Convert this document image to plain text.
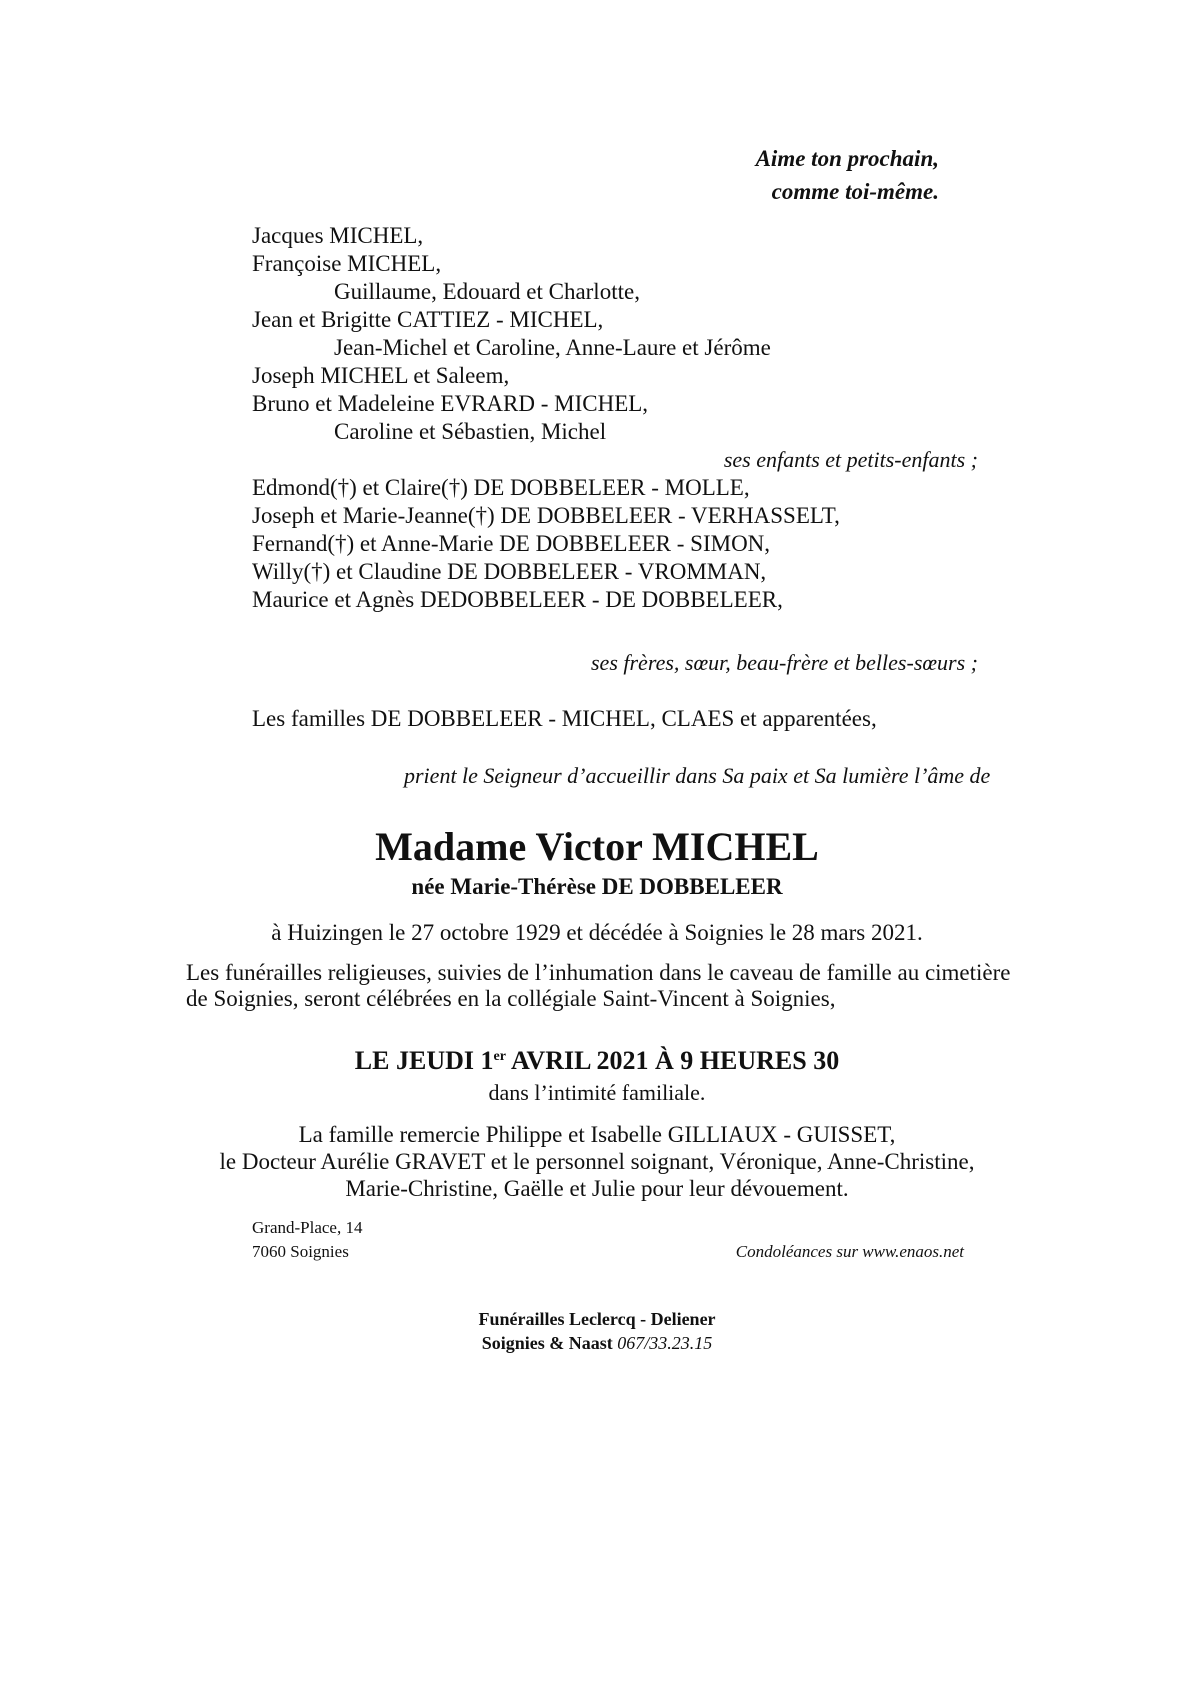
Aime ton prochain,
comme toi-même.
Jacques MICHEL,
Françoise MICHEL,
Guillaume, Edouard et Charlotte,
Jean et Brigitte CATTIEZ - MICHEL,
Jean-Michel et Caroline, Anne-Laure et Jérôme
Joseph MICHEL et Saleem,
Bruno et Madeleine EVRARD - MICHEL,
Caroline et Sébastien, Michel
ses enfants et petits-enfants ;
Edmond(†) et Claire(†) DE DOBBELEER - MOLLE,
Joseph et Marie-Jeanne(†) DE DOBBELEER - VERHASSELT,
Fernand(†) et Anne-Marie DE DOBBELEER - SIMON,
Willy(†) et Claudine DE DOBBELEER - VROMMAN,
Maurice et Agnès DEDOBBELEER - DE DOBBELEER,
ses frères, sœur, beau-frère et belles-sœurs ;
Les familles DE DOBBELEER - MICHEL, CLAES et apparentées,
prient le Seigneur d’accueillir dans Sa paix et Sa lumière l’âme de
Madame Victor MICHEL
née Marie-Thérèse DE DOBBELEER
à Huizingen le 27 octobre 1929 et décédée à Soignies le 28 mars 2021.
Les funérailles religieuses, suivies de l’inhumation dans le caveau de famille au cimetière
de Soignies, seront célébrées en la collégiale Saint-Vincent à Soignies,
LE JEUDI 1er AVRIL 2021 À 9 HEURES 30
dans l’intimité familiale.
La famille remercie Philippe et Isabelle GILLIAUX - GUISSET,
le Docteur Aurélie GRAVET et le personnel soignant, Véronique, Anne-Christine,
Marie-Christine, Gaëlle et Julie pour leur dévouement.
Grand-Place, 14
7060 Soignies	Condoléances sur www.enaos.net
Funérailles Leclercq - Deliener
Soignies & Naast 067/33.23.15
